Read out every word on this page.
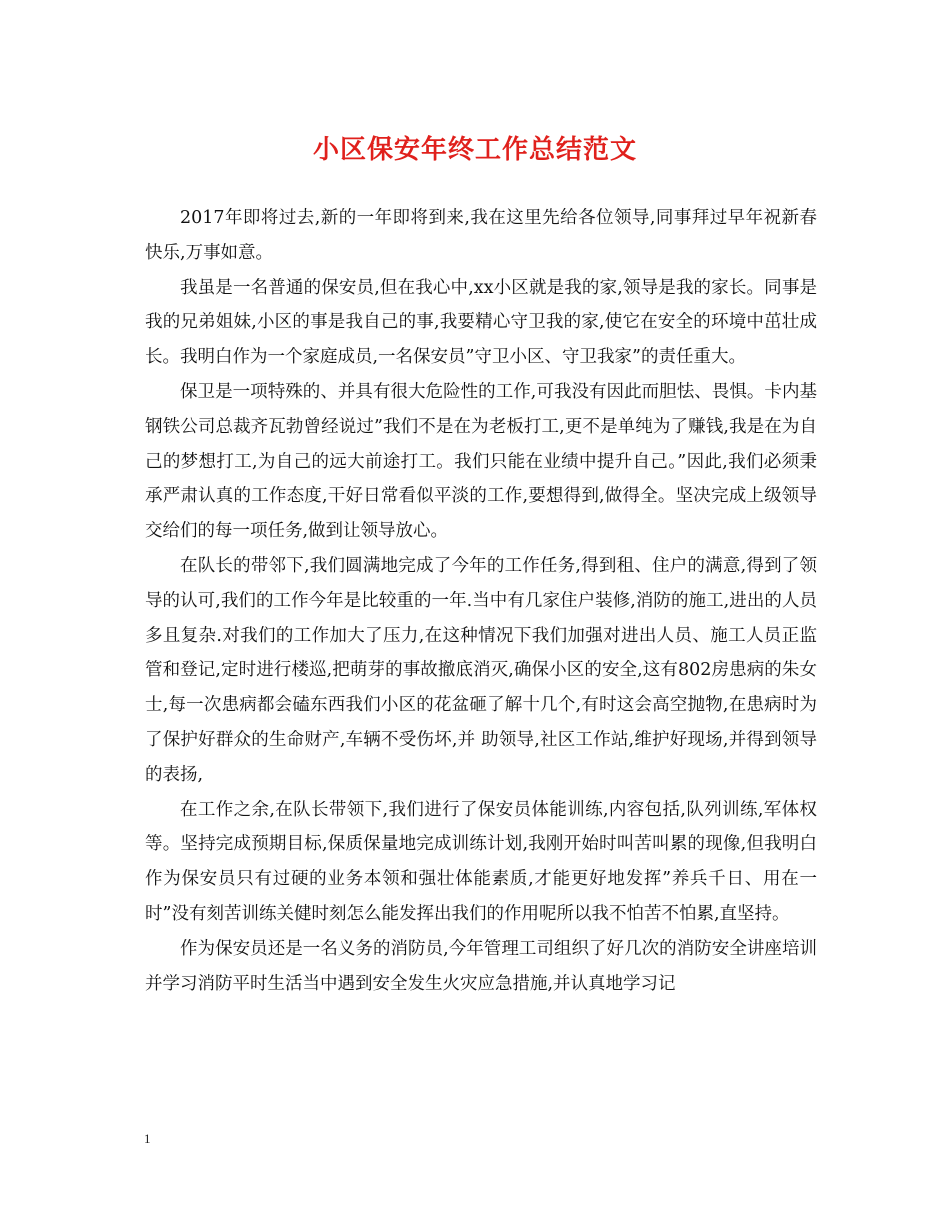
小区保安年终工作总结范文

2017年即将过去,新的一年即将到来,我在这里先给各位领导,同事拜过早年祝新春快乐,万事如意。

我虽是一名普通的保安员,但在我心中,xx小区就是我的家,领导是我的家长。同事是我的兄弟姐妹,小区的事是我自己的事,我要精心守卫我的家,使它在安全的环境中茁壮成长。我明白作为一个家庭成员,一名保安员”守卫小区、守卫我家”的责任重大。

保卫是一项特殊的、并具有很大危险性的工作,可我没有因此而胆怯、畏惧。卡内基钢铁公司总裁齐瓦勃曾经说过”我们不是在为老板打工,更不是单纯为了赚钱,我是在为自己的梦想打工,为自己的远大前途打工。我们只能在业绩中提升自己。”因此,我们必须秉承严肃认真的工作态度,干好日常看似平淡的工作,要想得到,做得全。坚决完成上级领导交给们的每一项任务,做到让领导放心。

在队长的带邻下,我们圆满地完成了今年的工作任务,得到租、住户的满意,得到了领导的认可,我们的工作今年是比较重的一年.当中有几家住户装修,消防的施工,进出的人员多且复杂.对我们的工作加大了压力,在这种情况下我们加强对进出人员、施工人员正监管和登记,定时进行楼巡,把萌芽的事故撤底消灭,确保小区的安全,这有802房患病的朱女士,每一次患病都会磕东西我们小区的花盆砸了解十几个,有时这会高空抛物,在患病时为了保护好群众的生命财产,车辆不受伤坏,并 助领导,社区工作站,维护好现场,并得到领导的表扬,

在工作之余,在队长带领下,我们进行了保安员体能训练,内容包括,队列训练,军体权等。坚持完成预期目标,保质保量地完成训练计划,我刚开始时叫苦叫累的现像,但我明白作为保安员只有过硬的业务本领和强壮体能素质,才能更好地发挥”养兵千日、用在一时”没有刻苦训练关健时刻怎么能发挥出我们的作用呢所以我不怕苦不怕累,直坚持。

作为保安员还是一名义务的消防员,今年管理工司组织了好几次的消防安全讲座培训并学习消防平时生活当中遇到安全发生火灾应急措施,并认真地学习记

1
